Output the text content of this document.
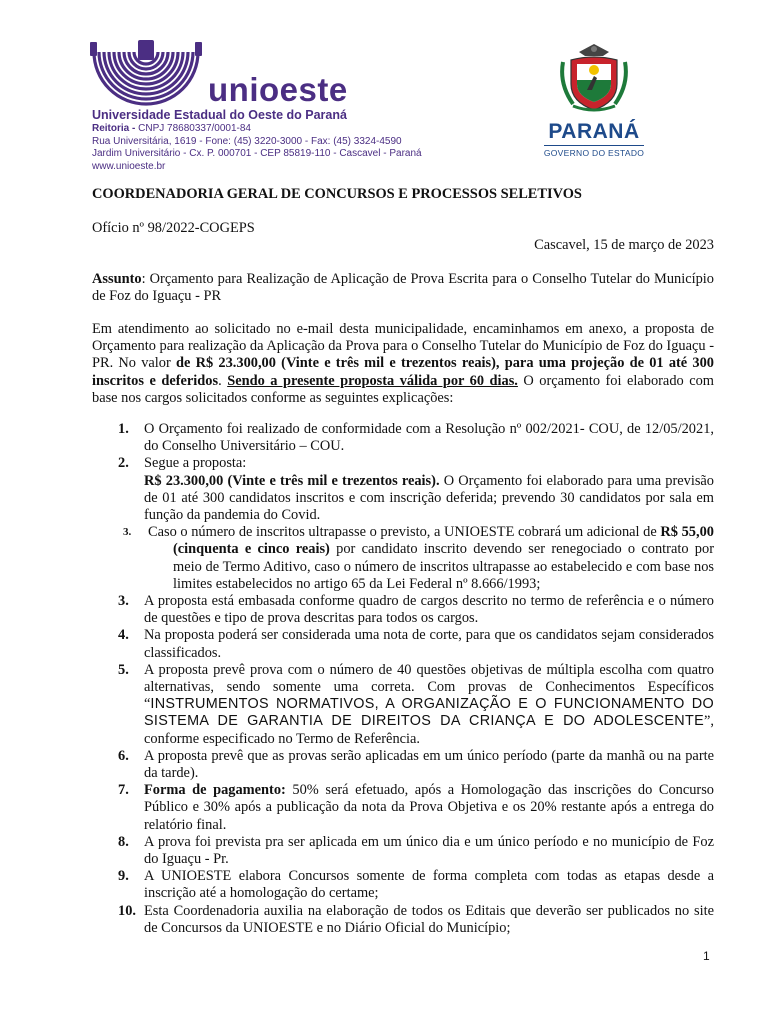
unioeste
Universidade Estadual do Oeste do Paraná
Reitoria - CNPJ 78680337/0001-84
Rua Universitária, 1619 - Fone: (45) 3220-3000 - Fax: (45) 3324-4590
Jardim Universitário - Cx. P. 000701 - CEP 85819-110 - Cascavel - Paraná
www.unioeste.br
PARANÁ
GOVERNO DO ESTADO
COORDENADORIA GERAL DE CONCURSOS E PROCESSOS SELETIVOS
Ofício nº 98/2022-COGEPS
Cascavel, 15 de março de 2023
Assunto: Orçamento para Realização de Aplicação de Prova Escrita para o Conselho Tutelar do Município de Foz do Iguaçu - PR
Em atendimento ao solicitado no e-mail desta municipalidade, encaminhamos em anexo, a proposta de Orçamento para realização da Aplicação da Prova para o Conselho Tutelar do Município de Foz do Iguaçu - PR. No valor de R$ 23.300,00 (Vinte e três mil e trezentos reais), para uma projeção de 01 até 300 inscritos e deferidos. Sendo a presente proposta válida por 60 dias. O orçamento foi elaborado com base nos cargos solicitados conforme as seguintes explicações:
1. O Orçamento foi realizado de conformidade com a Resolução nº 002/2021- COU, de 12/05/2021, do Conselho Universitário – COU.
2. Segue a proposta:
R$ 23.300,00 (Vinte e três mil e trezentos reais). O Orçamento foi elaborado para uma previsão de 01 até 300 candidatos inscritos e com inscrição deferida; prevendo 30 candidatos por sala em função da pandemia do Covid.
3. Caso o número de inscritos ultrapasse o previsto, a UNIOESTE cobrará um adicional de R$ 55,00 (cinquenta e cinco reais) por candidato inscrito devendo ser renegociado o contrato por meio de Termo Aditivo, caso o número de inscritos ultrapasse ao estabelecido e com base nos limites estabelecidos no artigo 65 da Lei Federal nº 8.666/1993;
3. A proposta está embasada conforme quadro de cargos descrito no termo de referência e o número de questões e tipo de prova descritas para todos os cargos.
4. Na proposta poderá ser considerada uma nota de corte, para que os candidatos sejam considerados classificados.
5. A proposta prevê prova com o número de 40 questões objetivas de múltipla escolha com quatro alternativas, sendo somente uma correta. Com provas de Conhecimentos Específicos “INSTRUMENTOS NORMATIVOS, A ORGANIZAÇÃO E O FUNCIONAMENTO DO SISTEMA DE GARANTIA DE DIREITOS DA CRIANÇA E DO ADOLESCENTE”, conforme especificado no Termo de Referência.
6. A proposta prevê que as provas serão aplicadas em um único período (parte da manhã ou na parte da tarde).
7. Forma de pagamento: 50% será efetuado, após a Homologação das inscrições do Concurso Público e 30% após a publicação da nota da Prova Objetiva e os 20% restante após a entrega do relatório final.
8. A prova foi prevista pra ser aplicada em um único dia e um único período e no município de Foz do Iguaçu - Pr.
9. A UNIOESTE elabora Concursos somente de forma completa com todas as etapas desde a inscrição até a homologação do certame;
10. Esta Coordenadoria auxilia na elaboração de todos os Editais que deverão ser publicados no site de Concursos da UNIOESTE e no Diário Oficial do Município;
1
